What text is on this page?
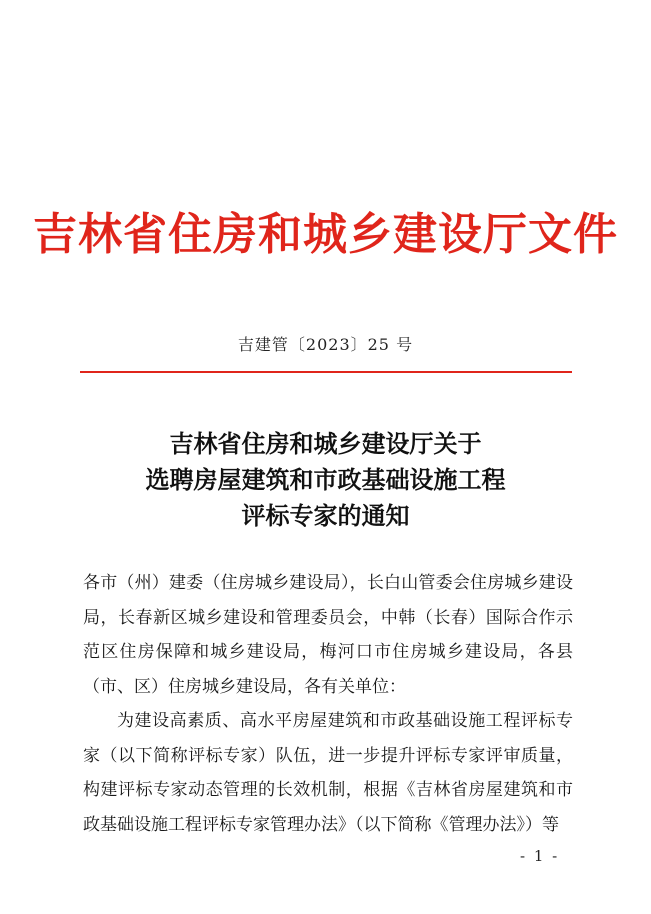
吉林省住房和城乡建设厅文件
吉建管〔2023〕25 号
吉林省住房和城乡建设厅关于
选聘房屋建筑和市政基础设施工程
评标专家的通知

各市（州）建委（住房城乡建设局），长白山管委会住房城乡建设局，长春新区城乡建设和管理委员会，中韩（长春）国际合作示范区住房保障和城乡建设局，梅河口市住房城乡建设局，各县（市、区）住房城乡建设局，各有关单位：

为建设高素质、高水平房屋建筑和市政基础设施工程评标专家（以下简称评标专家）队伍，进一步提升评标专家评审质量，构建评标专家动态管理的长效机制，根据《吉林省房屋建筑和市政基础设施工程评标专家管理办法》（以下简称《管理办法》）等

- 1 -
